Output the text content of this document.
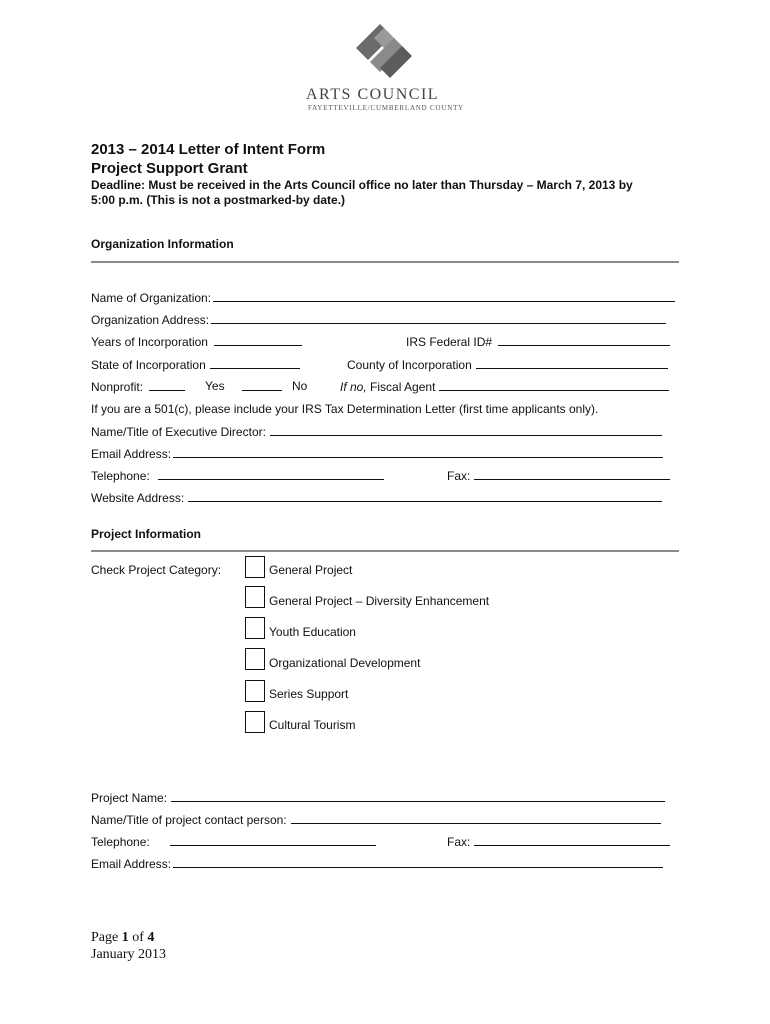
ARTS COUNCIL
FAYETTEVILLE/CUMBERLAND COUNTY
2013 – 2014 Letter of Intent Form
Project Support Grant
Deadline: Must be received in the Arts Council office no later than Thursday – March 7, 2013 by
5:00 p.m. (This is not a postmarked-by date.)
Organization Information
Name of Organization:
Organization Address:
Years of Incorporation	IRS Federal ID#
State of Incorporation	County of Incorporation
Nonprofit:	Yes	No	If no, Fiscal Agent
If you are a 501(c), please include your IRS Tax Determination Letter (first time applicants only).
Name/Title of Executive Director:
Email Address:
Telephone:	Fax:
Website Address:
Project Information
Check Project Category:	General Project
General Project – Diversity Enhancement
Youth Education
Organizational Development
Series Support
Cultural Tourism
Project Name:
Name/Title of project contact person:
Telephone:	Fax:
Email Address:
Page 1 of 4
January 2013
